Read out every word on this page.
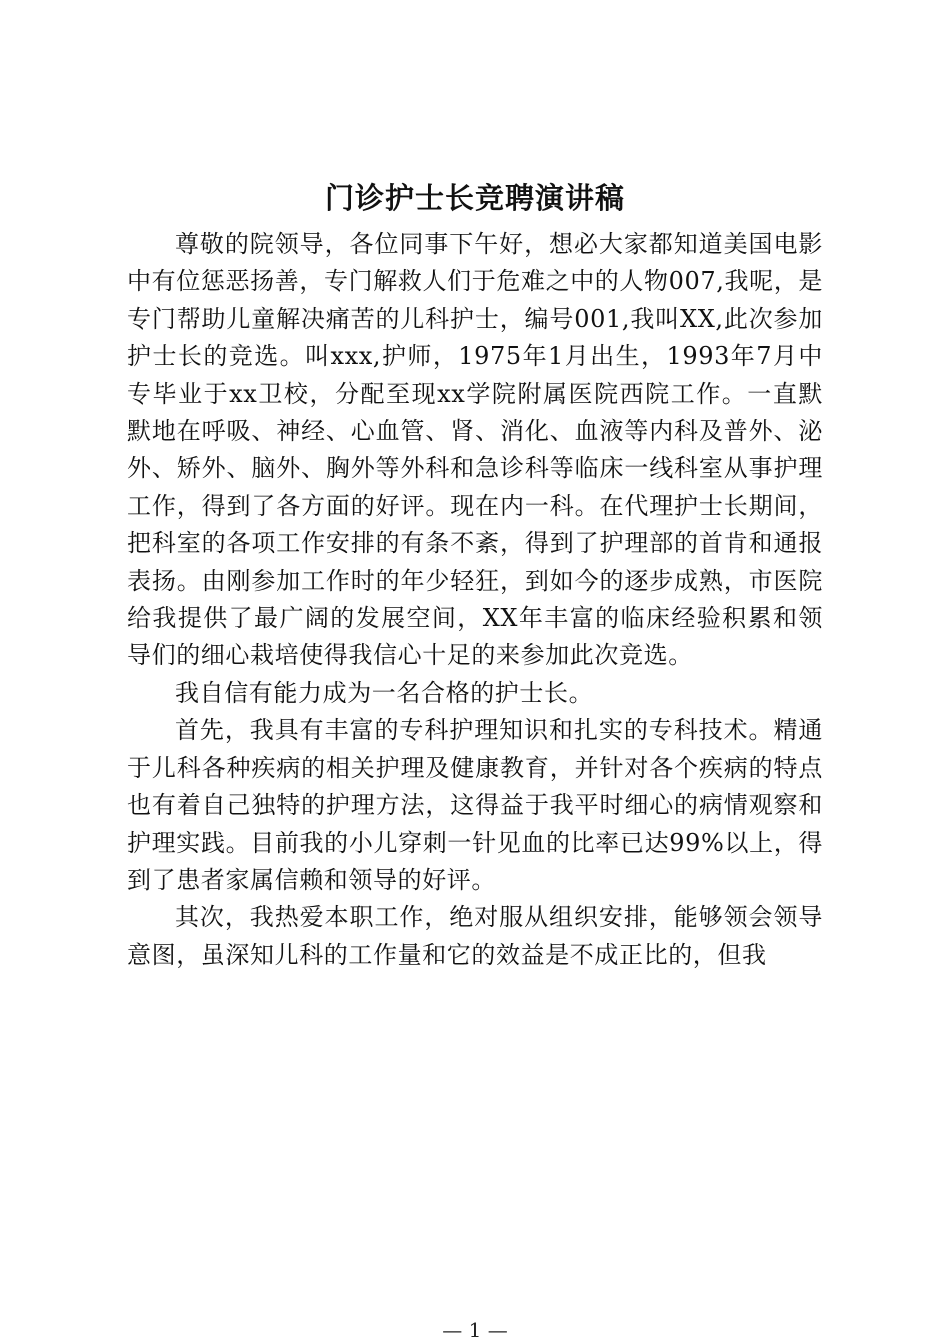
门诊护士长竞聘演讲稿

尊敬的院领导，各位同事下午好，想必大家都知道美国电影中有位惩恶扬善，专门解救人们于危难之中的人物007,我呢，是专门帮助儿童解决痛苦的儿科护士，编号001,我叫XX,此次参加护士长的竞选。叫xxx,护师，1975年1月出生，1993年7月中专毕业于xx卫校，分配至现xx学院附属医院西院工作。一直默默地在呼吸、神经、心血管、肾、消化、血液等内科及普外、泌外、矫外、脑外、胸外等外科和急诊科等临床一线科室从事护理工作，得到了各方面的好评。现在内一科。在代理护士长期间，把科室的各项工作安排的有条不紊，得到了护理部的首肯和通报表扬。由刚参加工作时的年少轻狂，到如今的逐步成熟，市医院给我提供了最广阔的发展空间，XX年丰富的临床经验积累和领导们的细心栽培使得我信心十足的来参加此次竞选。

我自信有能力成为一名合格的护士长。

首先，我具有丰富的专科护理知识和扎实的专科技术。精通于儿科各种疾病的相关护理及健康教育，并针对各个疾病的特点也有着自己独特的护理方法，这得益于我平时细心的病情观察和护理实践。目前我的小儿穿刺一针见血的比率已达99%以上，得到了患者家属信赖和领导的好评。

其次，我热爱本职工作，绝对服从组织安排，能够领会领导意图，虽深知儿科的工作量和它的效益是不成正比的，但我

— 1 —
